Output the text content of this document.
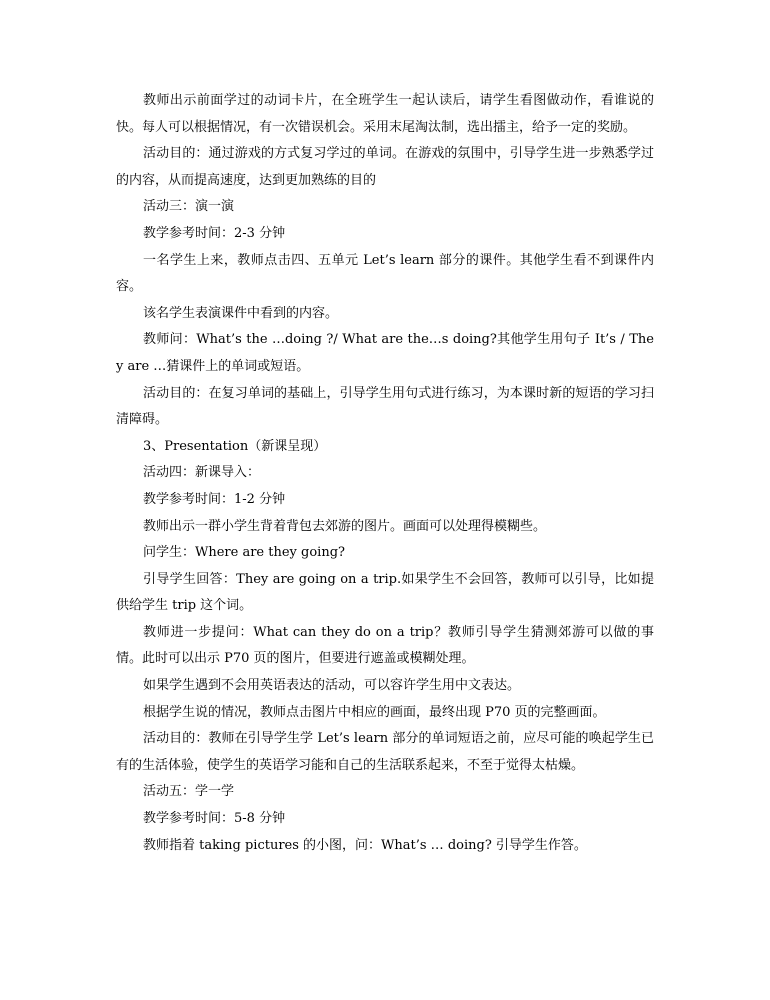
教师出示前面学过的动词卡片，在全班学生一起认读后，请学生看图做动作，看谁说的快。每人可以根据情况，有一次错误机会。采用末尾淘汰制，选出擂主，给予一定的奖励。

活动目的：通过游戏的方式复习学过的单词。在游戏的氛围中，引导学生进一步熟悉学过的内容，从而提高速度，达到更加熟练的目的

活动三：演一演

教学参考时间：2-3 分钟

一名学生上来，教师点击四、五单元 Let’s learn 部分的课件。其他学生看不到课件内容。

该名学生表演课件中看到的内容。

教师问：What’s the …doing ?/ What are the…s doing?其他学生用句子 It’s / They are …猜课件上的单词或短语。

活动目的：在复习单词的基础上，引导学生用句式进行练习，为本课时新的短语的学习扫清障碍。

3、Presentation（新课呈现）

活动四：新课导入：

教学参考时间：1-2 分钟

教师出示一群小学生背着背包去郊游的图片。画面可以处理得模糊些。

问学生：Where are they going?

引导学生回答：They are going on a trip.如果学生不会回答，教师可以引导，比如提供给学生 trip 这个词。

教师进一步提问：What can they do on a trip？教师引导学生猜测郊游可以做的事情。此时可以出示 P70 页的图片，但要进行遮盖或模糊处理。

如果学生遇到不会用英语表达的活动，可以容许学生用中文表达。

根据学生说的情况，教师点击图片中相应的画面，最终出现 P70 页的完整画面。

活动目的：教师在引导学生学 Let’s learn 部分的单词短语之前，应尽可能的唤起学生已有的生活体验，使学生的英语学习能和自己的生活联系起来，不至于觉得太枯燥。

活动五：学一学

教学参考时间：5-8 分钟

教师指着 taking pictures 的小图，问：What’s … doing? 引导学生作答。
